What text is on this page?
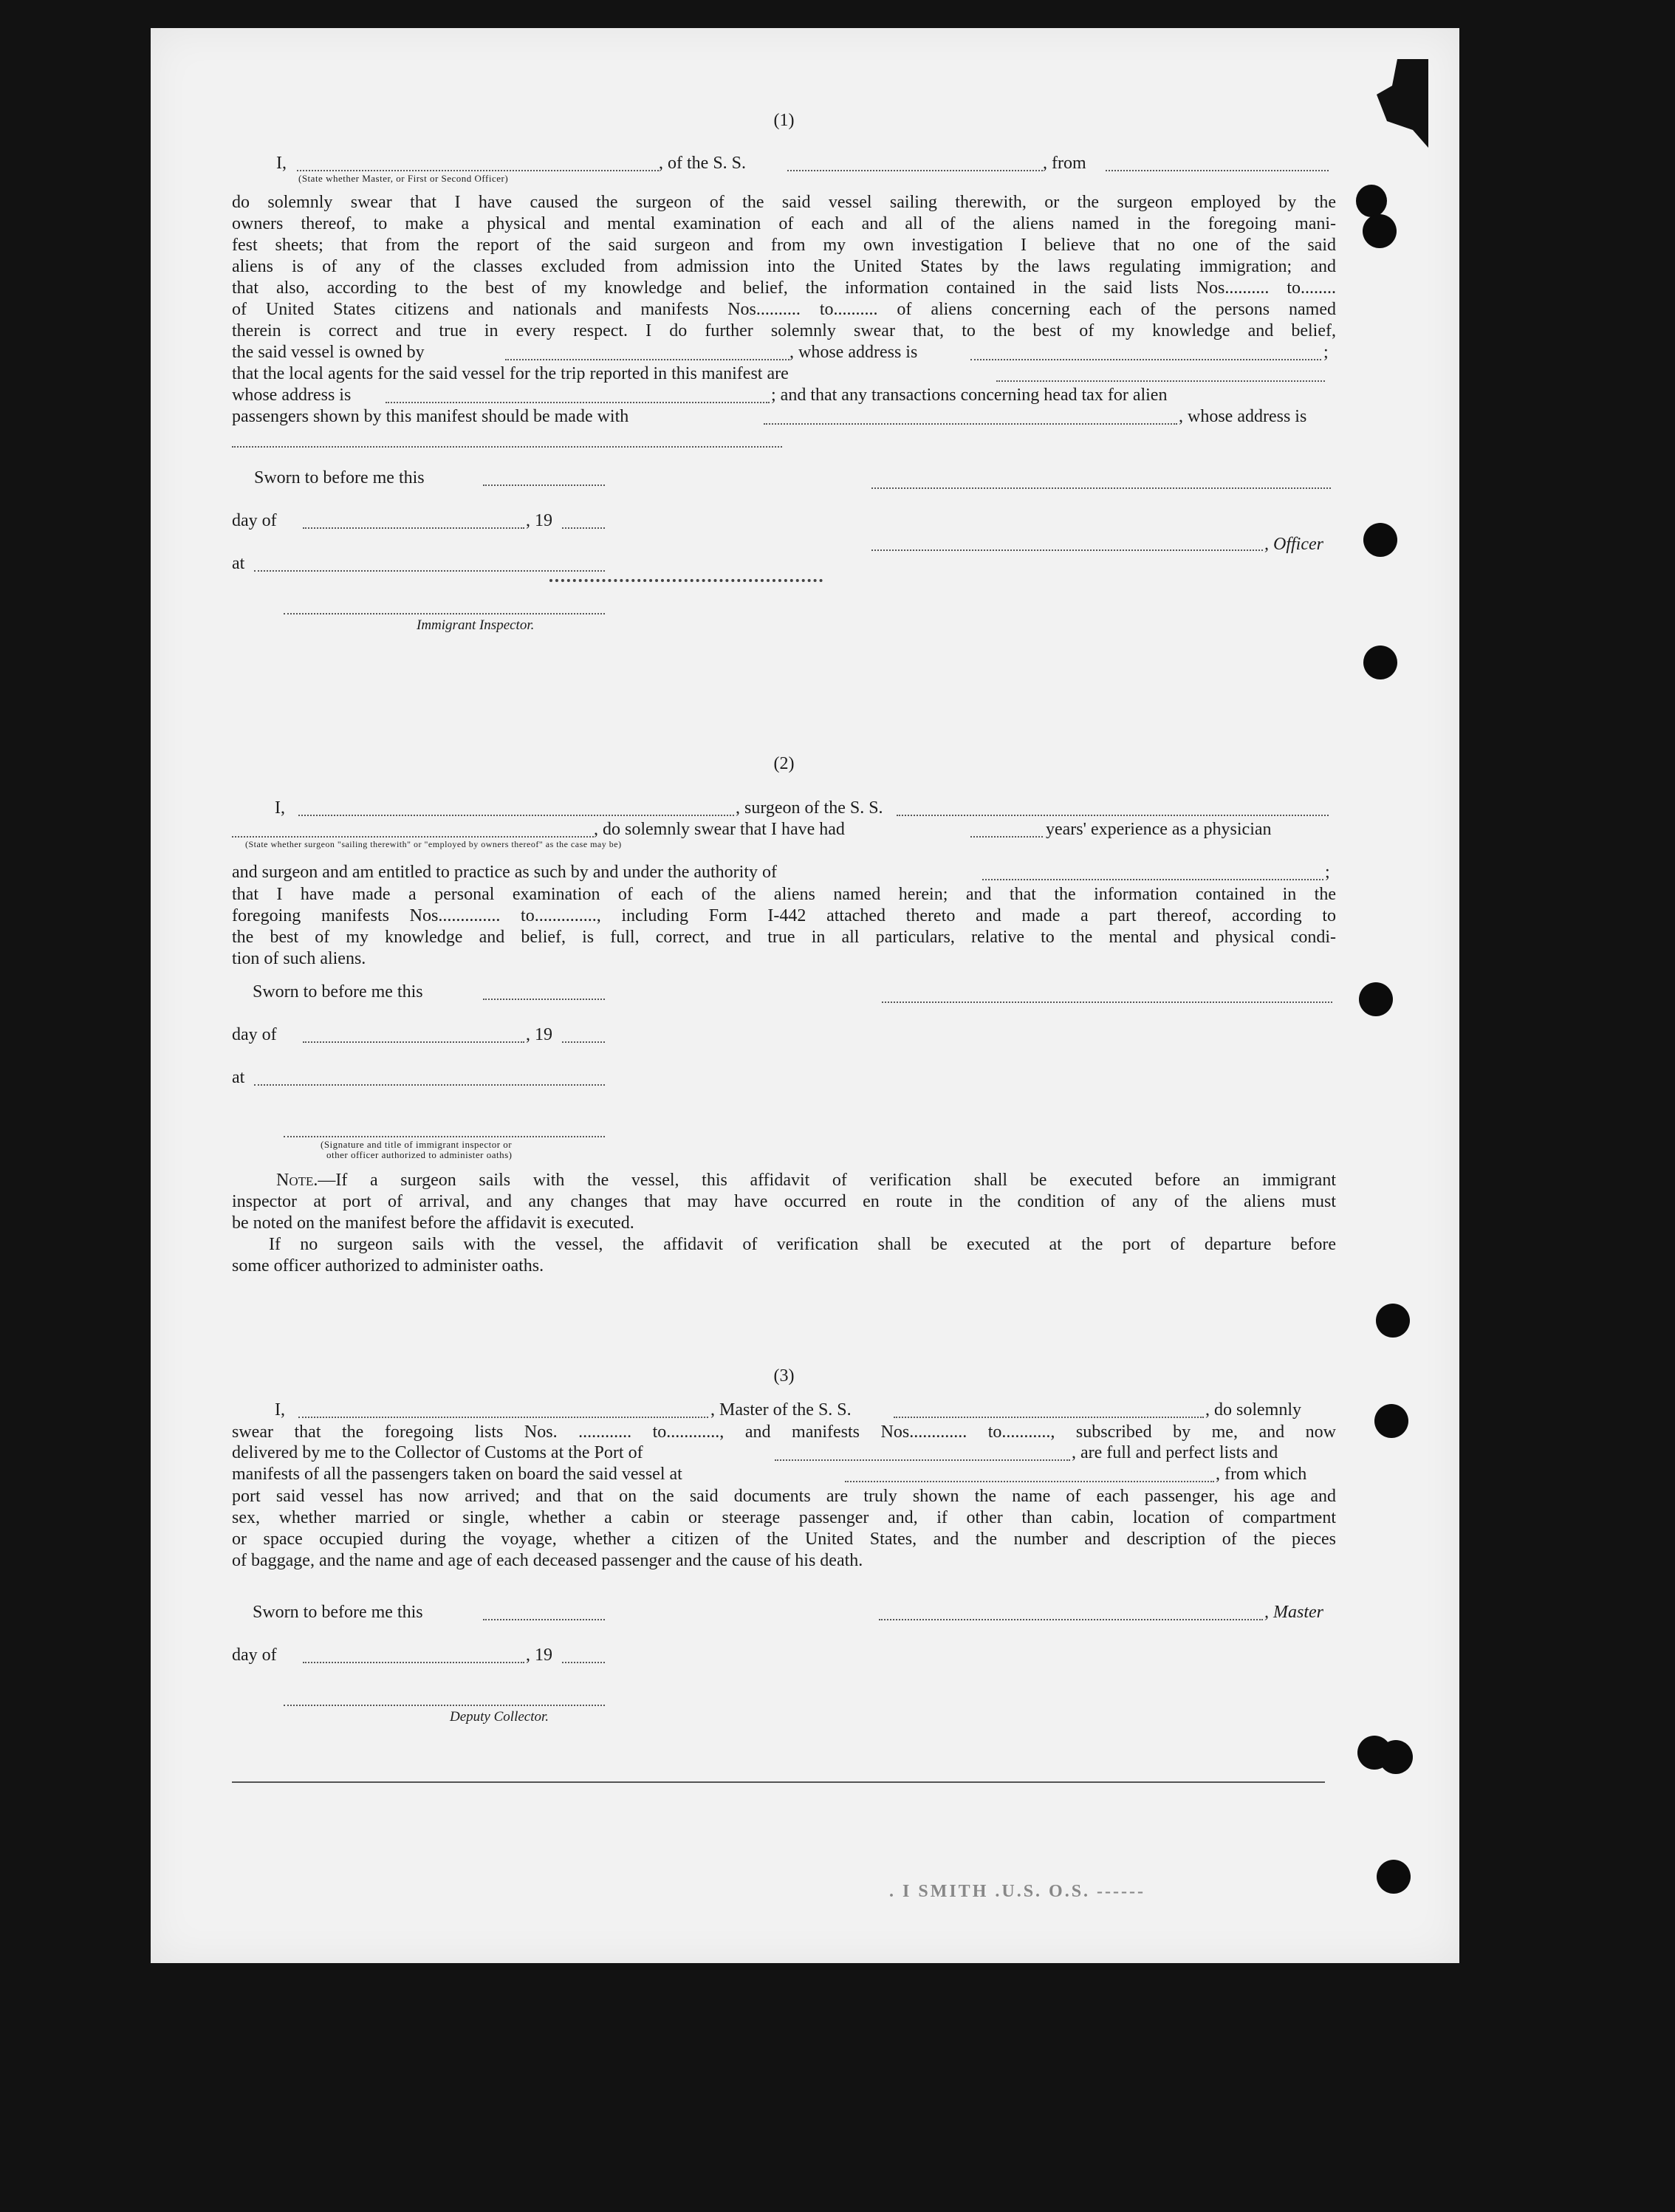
(1)
I,	, of the S. S.	, from
(State whether Master, or First or Second Officer)
do solemnly swear that I have caused the surgeon of the said vessel sailing therewith, or the surgeon employed by the
owners thereof, to make a physical and mental examination of each and all of the aliens named in the foregoing mani-
fest sheets; that from the report of the said surgeon and from my own investigation I believe that no one of the said
aliens is of any of the classes excluded from admission into the United States by the laws regulating immigration; and
that also, according to the best of my knowledge and belief, the information contained in the said lists Nos.......... to........
of United States citizens and nationals and manifests Nos.......... to.......... of aliens concerning each of the persons named
therein is correct and true in every respect. I do further solemnly swear that, to the best of my knowledge and belief,
the said vessel is owned by	, whose address is	;
that the local agents for the said vessel for the trip reported in this manifest are
whose address is	; and that any transactions concerning head tax for alien
passengers shown by this manifest should be made with	, whose address is
Sworn to before me this
day of	, 19
, Officer
at
Immigrant Inspector.
(2)
I,	, surgeon of the S. S.
, do solemnly swear that I have had	years' experience as a physician
(State whether surgeon "sailing therewith" or "employed by owners thereof" as the case may be)
and surgeon and am entitled to practice as such by and under the authority of	;
that I have made a personal examination of each of the aliens named herein; and that the information contained in the
foregoing manifests Nos.............. to.............., including Form I-442 attached thereto and made a part thereof, according to
the best of my knowledge and belief, is full, correct, and true in all particulars, relative to the mental and physical condi-
tion of such aliens.
Sworn to before me this
day of	, 19
at
(Signature and title of immigrant inspector or
other officer authorized to administer oaths)
Note.—If a surgeon sails with the vessel, this affidavit of verification shall be executed before an immigrant
inspector at port of arrival, and any changes that may have occurred en route in the condition of any of the aliens must
be noted on the manifest before the affidavit is executed.
If no surgeon sails with the vessel, the affidavit of verification shall be executed at the port of departure before
some officer authorized to administer oaths.
(3)
I,	, Master of the S. S.	, do solemnly
swear that the foregoing lists Nos. ............ to............, and manifests Nos............. to..........., subscribed by me, and now
delivered by me to the Collector of Customs at the Port of	, are full and perfect lists and
manifests of all the passengers taken on board the said vessel at	, from which
port said vessel has now arrived; and that on the said documents are truly shown the name of each passenger, his age and
sex, whether married or single, whether a cabin or steerage passenger and, if other than cabin, location of compartment
or space occupied during the voyage, whether a citizen of the United States, and the number and description of the pieces
of baggage, and the name and age of each deceased passenger and the cause of his death.
Sworn to before me this	, Master
day of	, 19
Deputy Collector.
. I SMITH .U.S. O.S. ------
